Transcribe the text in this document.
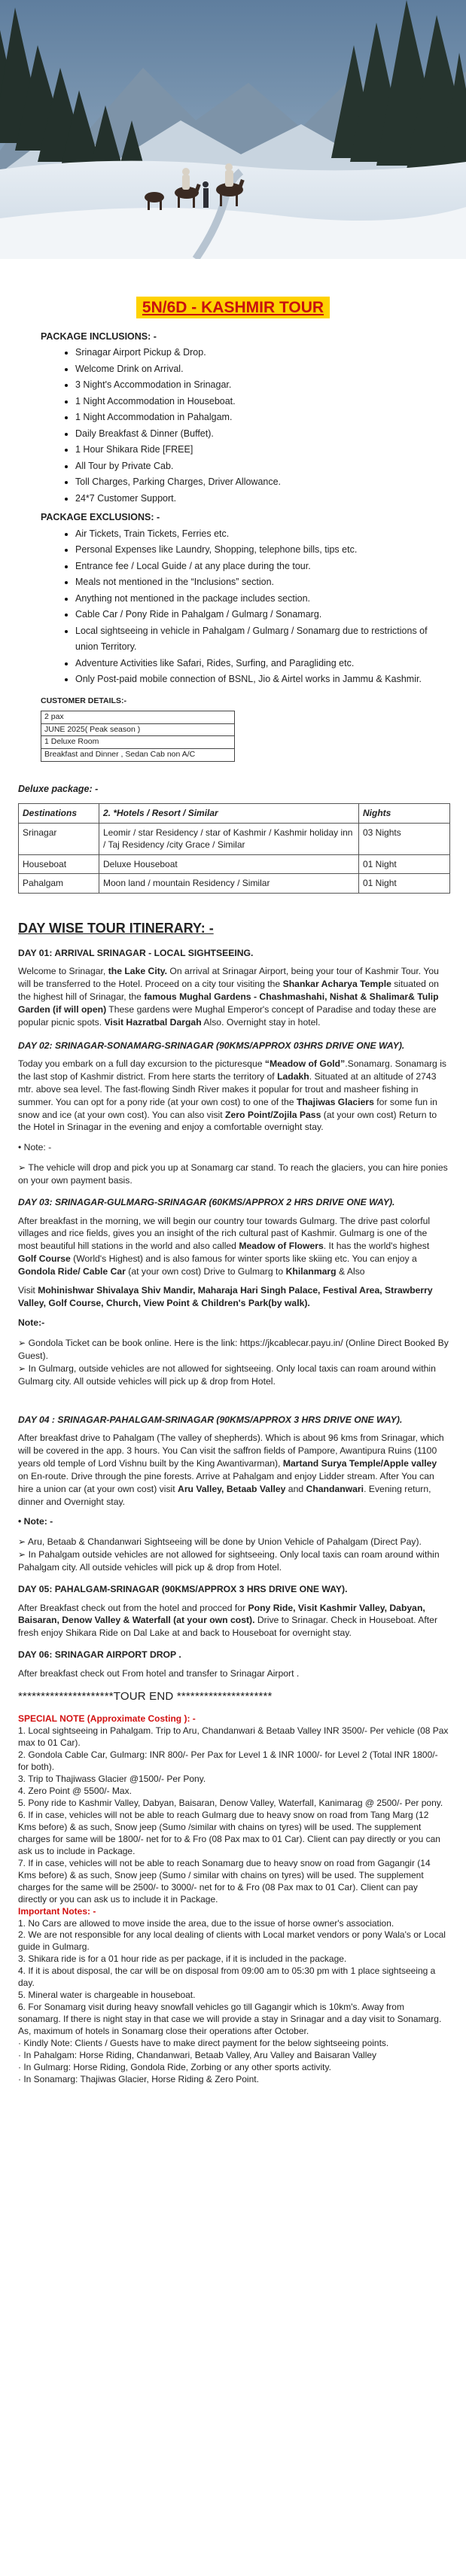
5N/6D - KASHMIR TOUR
PACKAGE INCLUSIONS: -
• Srinagar Airport Pickup & Drop.
• Welcome Drink on Arrival.
• 3 Night's Accommodation in Srinagar.
• 1 Night Accommodation in Houseboat.
• 1 Night Accommodation in Pahalgam.
• Daily Breakfast & Dinner (Buffet).
• 1 Hour Shikara Ride [FREE]
• All Tour by Private Cab.
• Toll Charges, Parking Charges, Driver Allowance.
• 24*7 Customer Support.
PACKAGE EXCLUSIONS: -
• Air Tickets, Train Tickets, Ferries etc.
• Personal Expenses like Laundry, Shopping, telephone bills, tips etc.
• Entrance fee / Local Guide / at any place during the tour.
• Meals not mentioned in the “Inclusions” section.
• Anything not mentioned in the package includes section.
• Cable Car / Pony Ride in Pahalgam / Gulmarg / Sonamarg.
• Local sightseeing in vehicle in Pahalgam / Gulmarg / Sonamarg due to restrictions of union Territory.
• Adventure Activities like Safari, Rides, Surfing, and Paragliding etc.
• Only Post-paid mobile connection of BSNL, Jio & Airtel works in Jammu & Kashmir.
CUSTOMER DETAILS:-
2 pax
JUNE 2025( Peak season )
1 Deluxe Room
Breakfast and Dinner , Sedan Cab non A/C
Deluxe package: -
Destinations	2. *Hotels / Resort / Similar	Nights
Srinagar	Leomir / star Residency / star of Kashmir / Kashmir holiday inn / Taj Residency /city Grace / Similar	03 Nights
Houseboat	Deluxe Houseboat	01 Night
Pahalgam	Moon land / mountain Residency / Similar	01 Night
DAY WISE TOUR ITINERARY: -
DAY 01: ARRIVAL SRINAGAR - LOCAL SIGHTSEEING.
Welcome to Srinagar, the Lake City. On arrival at Srinagar Airport, being your tour of Kashmir Tour. You will be transferred to the Hotel. Proceed on a city tour visiting the Shankar Acharya Temple situated on the highest hill of Srinagar, the famous Mughal Gardens - Chashmashahi, Nishat & Shalimar& Tulip Garden (if will open) These gardens were Mughal Emperor's concept of Paradise and today these are popular picnic spots. Visit Hazratbal Dargah Also. Overnight stay in hotel.
DAY 02: SRINAGAR-SONAMARG-SRINAGAR (90KMS/APPROX 03HRS DRIVE ONE WAY).
Today you embark on a full day excursion to the picturesque “Meadow of Gold”.Sonamarg. Sonamarg is the last stop of Kashmir district. From here starts the territory of Ladakh. Situated at an altitude of 2743 mtr. above sea level. The fast-flowing Sindh River makes it popular for trout and masheer fishing in summer. You can opt for a pony ride (at your own cost) to one of the Thajiwas Glaciers for some fun in snow and ice (at your own cost). You can also visit Zero Point/Zojila Pass (at your own cost) Return to the Hotel in Srinagar in the evening and enjoy a comfortable overnight stay.
• Note: -
➢ The vehicle will drop and pick you up at Sonamarg car stand. To reach the glaciers, you can hire ponies on your own payment basis.
DAY 03: SRINAGAR-GULMARG-SRINAGAR (60KMS/APPROX 2 HRS DRIVE ONE WAY).
After breakfast in the morning, we will begin our country tour towards Gulmarg. The drive past colorful villages and rice fields, gives you an insight of the rich cultural past of Kashmir. Gulmarg is one of the most beautiful hill stations in the world and also called Meadow of Flowers. It has the world's highest Golf Course (World's Highest) and is also famous for winter sports like skiing etc. You can enjoy a Gondola Ride/ Cable Car (at your own cost) Drive to Gulmarg to Khilanmarg & Also
Visit Mohinishwar Shivalaya Shiv Mandir, Maharaja Hari Singh Palace, Festival Area, Strawberry Valley, Golf Course, Church, View Point & Children's Park(by walk).
Note:-
➢ Gondola Ticket can be book online. Here is the link: https://jkcablecar.payu.in/ (Online Direct Booked By Guest).
➢ In Gulmarg, outside vehicles are not allowed for sightseeing. Only local taxis can roam around within Gulmarg city. All outside vehicles will pick up & drop from Hotel.
DAY 04 : SRINAGAR-PAHALGAM-SRINAGAR (90KMS/APPROX 3 HRS DRIVE ONE WAY).
After breakfast drive to Pahalgam (The valley of shepherds). Which is about 96 kms from Srinagar, which will be covered in the app. 3 hours. You Can visit the saffron fields of Pampore, Awantipura Ruins (1100 years old temple of Lord Vishnu built by the King Awantivarman), Martand Surya Temple/Apple valley on En-route. Drive through the pine forests. Arrive at Pahalgam and enjoy Lidder stream. After You can hire a union car (at your own cost) visit Aru Valley, Betaab Valley and Chandanwari. Evening return, dinner and Overnight stay.
• Note: -
➢ Aru, Betaab & Chandanwari Sightseeing will be done by Union Vehicle of Pahalgam (Direct Pay).
➢ In Pahalgam outside vehicles are not allowed for sightseeing. Only local taxis can roam around within Pahalgam city. All outside vehicles will pick up & drop from Hotel.
DAY 05: PAHALGAM-SRINAGAR (90KMS/APPROX 3 HRS DRIVE ONE WAY).
After Breakfast check out from the hotel and procced for Pony Ride, Visit Kashmir Valley, Dabyan, Baisaran, Denow Valley & Waterfall (at your own cost). Drive to Srinagar. Check in Houseboat. After fresh enjoy Shikara Ride on Dal Lake at and back to Houseboat for overnight stay.
DAY 06: SRINAGAR AIRPORT DROP .
After breakfast check out From hotel and transfer to Srinagar Airport .
*********************TOUR END *********************
SPECIAL NOTE (Approximate Costing ): -
1. Local sightseeing in Pahalgam. Trip to Aru, Chandanwari & Betaab Valley INR 3500/- Per vehicle (08 Pax max to 01 Car).
2. Gondola Cable Car, Gulmarg: INR 800/- Per Pax for Level 1 & INR 1000/- for Level 2 (Total INR 1800/- for both).
3. Trip to Thajiwass Glacier @1500/- Per Pony.
4. Zero Point @ 5500/- Max.
5. Pony ride to Kashmir Valley, Dabyan, Baisaran, Denow Valley, Waterfall, Kanimarag @ 2500/- Per pony.
6. If in case, vehicles will not be able to reach Gulmarg due to heavy snow on road from Tang Marg (12 Kms before) & as such, Snow jeep (Sumo /similar with chains on tyres) will be used. The supplement charges for same will be 1800/- net for to & Fro (08 Pax max to 01 Car). Client can pay directly or you can ask us to include in Package.
7. If in case, vehicles will not be able to reach Sonamarg due to heavy snow on road from Gagangir (14 Kms before) & as such, Snow jeep (Sumo / similar with chains on tyres) will be used. The supplement charges for the same will be 2500/- to 3000/- net for to & Fro (08 Pax max to 01 Car). Client can pay directly or you can ask us to include it in Package.
Important Notes: -
1. No Cars are allowed to move inside the area, due to the issue of horse owner's association.
2. We are not responsible for any local dealing of clients with Local market vendors or pony Wala's or Local guide in Gulmarg.
3. Shikara ride is for a 01 hour ride as per package, if it is included in the package.
4. If it is about disposal, the car will be on disposal from 09:00 am to 05:30 pm with 1 place sightseeing a day.
5. Mineral water is chargeable in houseboat.
6. For Sonamarg visit during heavy snowfall vehicles go till Gagangir which is 10km's. Away from sonamarg. If there is night stay in that case we will provide a stay in Srinagar and a day visit to Sonamarg. As, maximum of hotels in Sonamarg close their operations after October.
· Kindly Note: Clients / Guests have to make direct payment for the below sightseeing points.
· In Pahalgam: Horse Riding, Chandanwari, Betaab Valley, Aru Valley and Baisaran Valley
· In Gulmarg: Horse Riding, Gondola Ride, Zorbing or any other sports activity.
· In Sonamarg: Thajiwas Glacier, Horse Riding & Zero Point.
